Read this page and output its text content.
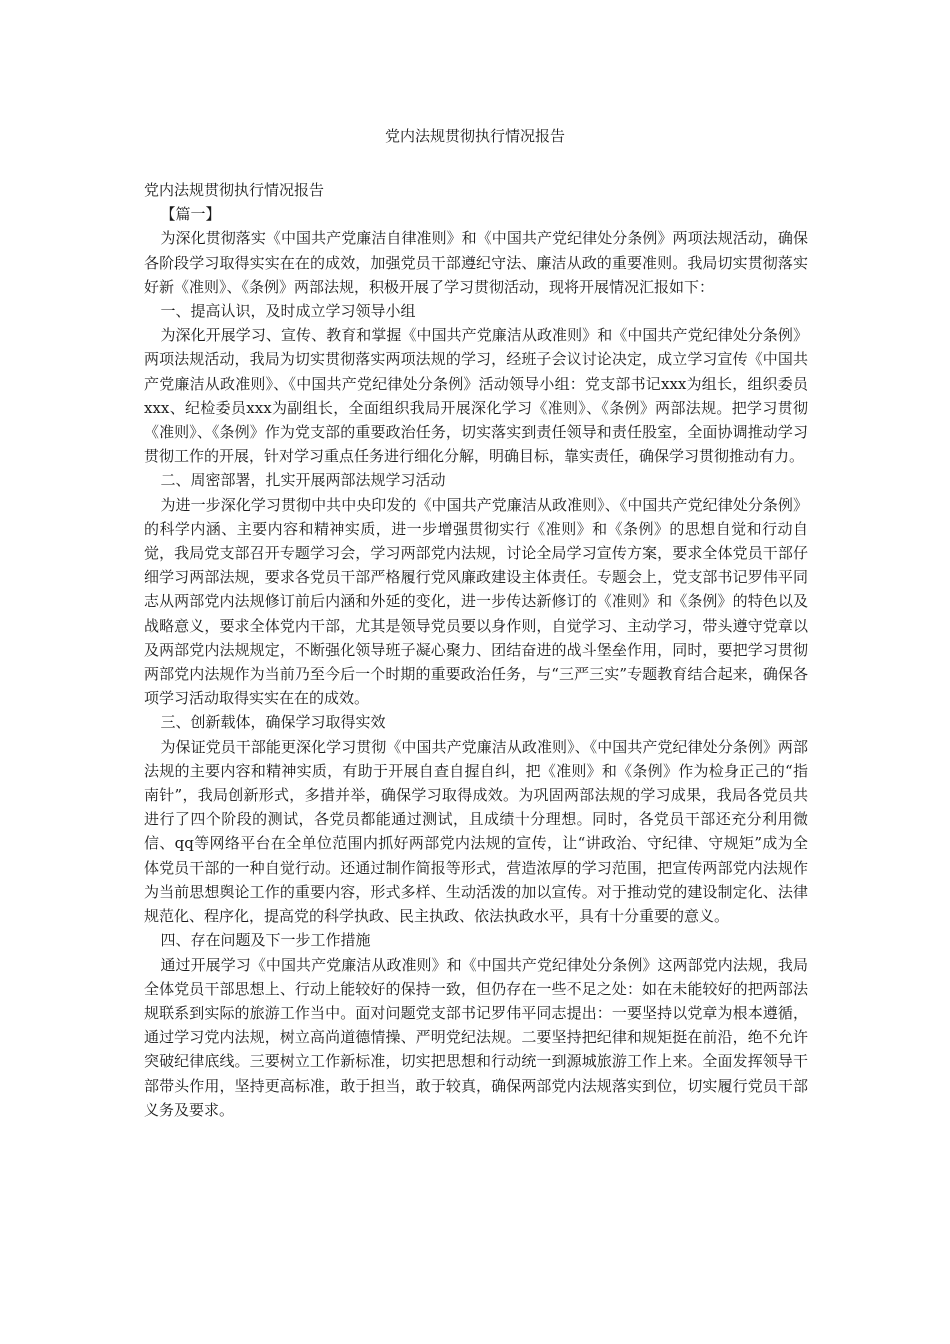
党内法规贯彻执行情况报告

党内法规贯彻执行情况报告

【篇一】

为深化贯彻落实《中国共产党廉洁自律准则》和《中国共产党纪律处分条例》两项法规活动，确保各阶段学习取得实实在在的成效，加强党员干部遵纪守法、廉洁从政的重要准则。我局切实贯彻落实好新《准则》、《条例》两部法规，积极开展了学习贯彻活动，现将开展情况汇报如下：

一、提高认识，及时成立学习领导小组

为深化开展学习、宣传、教育和掌握《中国共产党廉洁从政准则》和《中国共产党纪律处分条例》两项法规活动，我局为切实贯彻落实两项法规的学习，经班子会议讨论决定，成立学习宣传《中国共产党廉洁从政准则》、《中国共产党纪律处分条例》活动领导小组：党支部书记xxx为组长，组织委员xxx、纪检委员xxx为副组长，全面组织我局开展深化学习《准则》、《条例》两部法规。把学习贯彻《准则》、《条例》作为党支部的重要政治任务，切实落实到责任领导和责任股室，全面协调推动学习贯彻工作的开展，针对学习重点任务进行细化分解，明确目标，靠实责任，确保学习贯彻推动有力。

二、周密部署，扎实开展两部法规学习活动

为进一步深化学习贯彻中共中央印发的《中国共产党廉洁从政准则》、《中国共产党纪律处分条例》的科学内涵、主要内容和精神实质，进一步增强贯彻实行《准则》和《条例》的思想自觉和行动自觉，我局党支部召开专题学习会，学习两部党内法规，讨论全局学习宣传方案，要求全体党员干部仔细学习两部法规，要求各党员干部严格履行党风廉政建设主体责任。专题会上，党支部书记罗伟平同志从两部党内法规修订前后内涵和外延的变化，进一步传达新修订的《准则》和《条例》的特色以及战略意义，要求全体党内干部，尤其是领导党员要以身作则，自觉学习、主动学习，带头遵守党章以及两部党内法规规定，不断强化领导班子凝心聚力、团结奋进的战斗堡垒作用，同时，要把学习贯彻两部党内法规作为当前乃至今后一个时期的重要政治任务，与“三严三实”专题教育结合起来，确保各项学习活动取得实实在在的成效。

三、创新载体，确保学习取得实效

为保证党员干部能更深化学习贯彻《中国共产党廉洁从政准则》、《中国共产党纪律处分条例》两部法规的主要内容和精神实质，有助于开展自查自握自纠，把《准则》和《条例》作为检身正己的“指南针”，我局创新形式，多措并举，确保学习取得成效。为巩固两部法规的学习成果，我局各党员共进行了四个阶段的测试，各党员都能通过测试，且成绩十分理想。同时，各党员干部还充分利用微信、qq等网络平台在全单位范围内抓好两部党内法规的宣传，让“讲政治、守纪律、守规矩”成为全体党员干部的一种自觉行动。还通过制作简报等形式，营造浓厚的学习范围，把宣传两部党内法规作为当前思想舆论工作的重要内容，形式多样、生动活泼的加以宣传。对于推动党的建设制定化、法律规范化、程序化，提高党的科学执政、民主执政、依法执政水平，具有十分重要的意义。

四、存在问题及下一步工作措施

通过开展学习《中国共产党廉洁从政准则》和《中国共产党纪律处分条例》这两部党内法规，我局全体党员干部思想上、行动上能较好的保持一致，但仍存在一些不足之处：如在未能较好的把两部法规联系到实际的旅游工作当中。面对问题党支部书记罗伟平同志提出：一要坚持以党章为根本遵循，通过学习党内法规，树立高尚道德情操、严明党纪法规。二要坚持把纪律和规矩挺在前沿，绝不允许突破纪律底线。三要树立工作新标准，切实把思想和行动统一到源城旅游工作上来。全面发挥领导干部带头作用，坚持更高标准，敢于担当，敢于较真，确保两部党内法规落实到位，切实履行党员干部义务及要求。
